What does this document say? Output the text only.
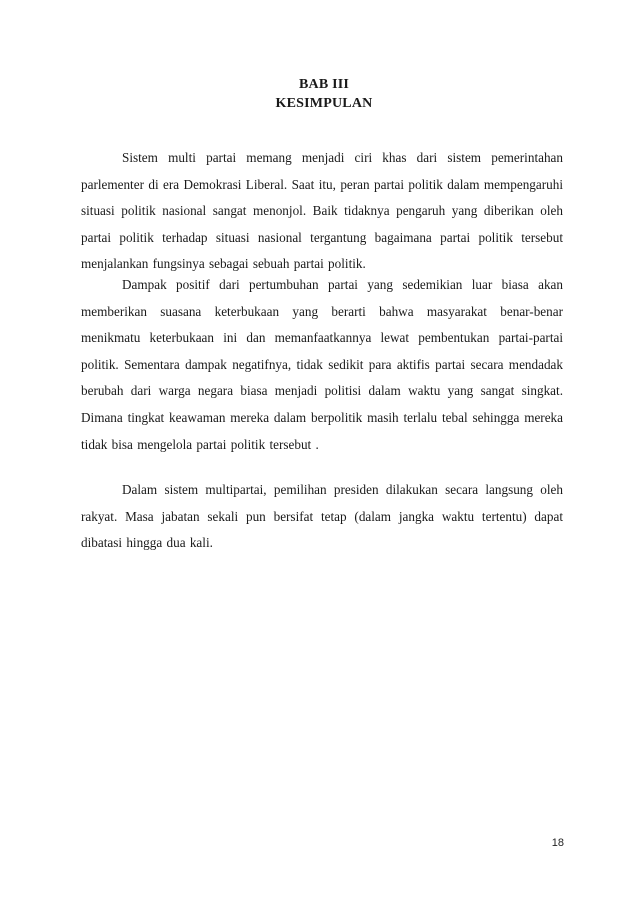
BAB III
KESIMPULAN

Sistem multi partai memang menjadi ciri khas dari sistem pemerintahan parlementer di era Demokrasi Liberal. Saat itu, peran partai politik dalam mempengaruhi situasi politik nasional sangat menonjol. Baik tidaknya pengaruh yang diberikan oleh partai politik terhadap situasi nasional tergantung bagaimana partai politik tersebut menjalankan fungsinya sebagai sebuah partai politik.

Dampak positif dari pertumbuhan partai yang sedemikian luar biasa akan memberikan suasana keterbukaan yang berarti bahwa masyarakat benar-benar menikmatu keterbukaan ini dan memanfaatkannya lewat pembentukan partai-partai politik. Sementara dampak negatifnya, tidak sedikit para aktifis partai secara mendadak berubah dari warga negara biasa menjadi politisi dalam waktu yang sangat singkat. Dimana tingkat keawaman mereka dalam berpolitik masih terlalu tebal sehingga mereka tidak bisa mengelola partai politik tersebut .

Dalam sistem multipartai, pemilihan presiden dilakukan secara langsung oleh rakyat. Masa jabatan sekali pun bersifat tetap (dalam jangka waktu tertentu) dapat dibatasi hingga dua kali.

18
